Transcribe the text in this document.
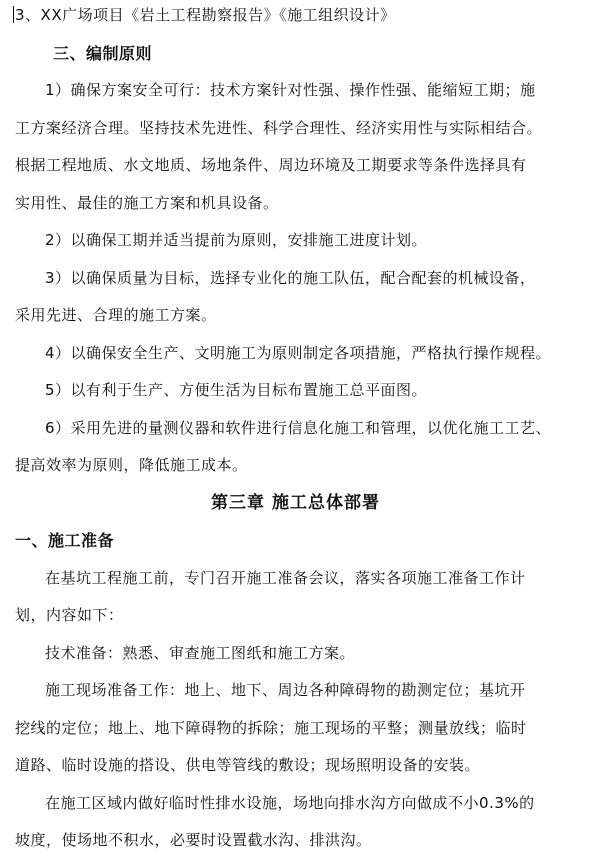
3、XX广场项目《岩土工程勘察报告》《施工组织设计》
三、编制原则
1）确保方案安全可行：技术方案针对性强、操作性强、能缩短工期；施
工方案经济合理。坚持技术先进性、科学合理性、经济实用性与实际相结合。
根据工程地质、水文地质、场地条件、周边环境及工期要求等条件选择具有
实用性、最佳的施工方案和机具设备。
2）以确保工期并适当提前为原则，安排施工进度计划。
3）以确保质量为目标，选择专业化的施工队伍，配合配套的机械设备，
采用先进、合理的施工方案。
4）以确保安全生产、文明施工为原则制定各项措施，严格执行操作规程。
5）以有利于生产、方便生活为目标布置施工总平面图。
6）采用先进的量测仪器和软件进行信息化施工和管理，以优化施工工艺、
提高效率为原则，降低施工成本。
第三章 施工总体部署
一、施工准备
在基坑工程施工前，专门召开施工准备会议，落实各项施工准备工作计
划，内容如下：
技术准备：熟悉、审查施工图纸和施工方案。
施工现场准备工作：地上、地下、周边各种障碍物的勘测定位；基坑开
挖线的定位；地上、地下障碍物的拆除；施工现场的平整；测量放线；临时
道路、临时设施的搭设、供电等管线的敷设；现场照明设备的安装。
在施工区域内做好临时性排水设施，场地向排水沟方向做成不小0.3%的
坡度，使场地不积水，必要时设置截水沟、排洪沟。
